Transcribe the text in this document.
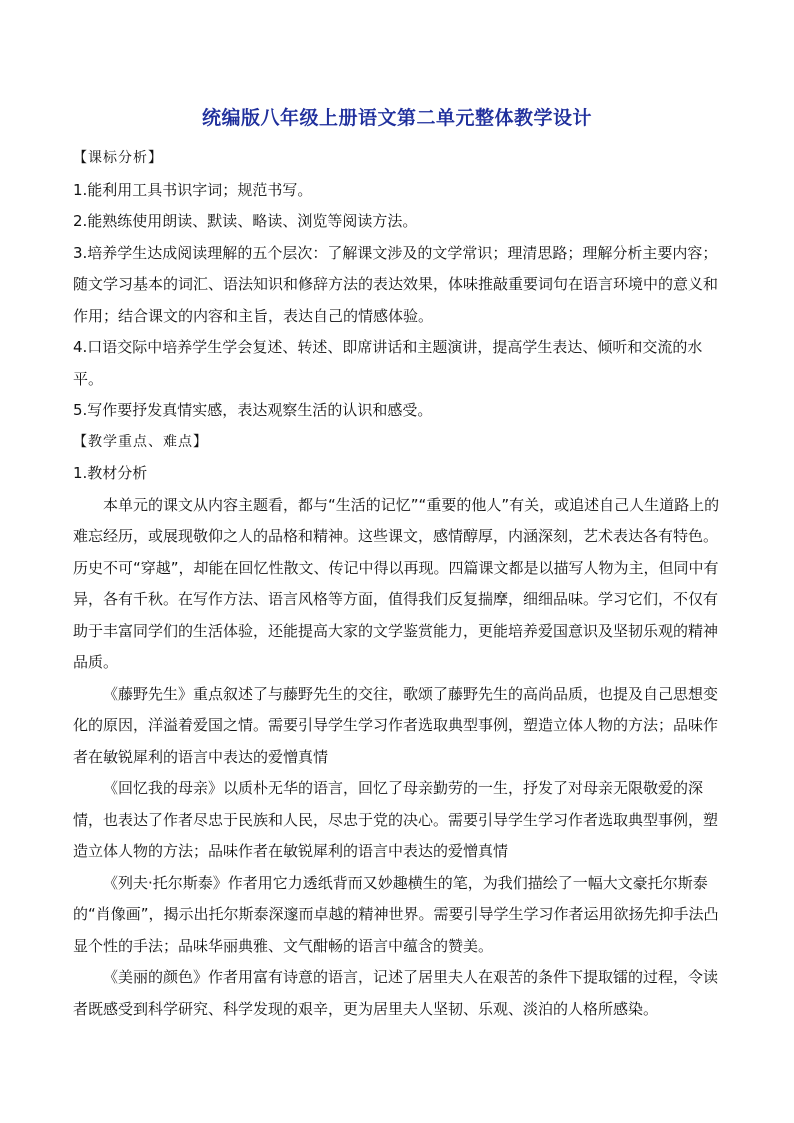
统编版八年级上册语文第二单元整体教学设计

【课标分析】

1.能利用工具书识字词；规范书写。

2.能熟练使用朗读、默读、略读、浏览等阅读方法。

3.培养学生达成阅读理解的五个层次：了解课文涉及的文学常识；理清思路；理解分析主要内容；随文学习基本的词汇、语法知识和修辞方法的表达效果，体味推敲重要词句在语言环境中的意义和作用；结合课文的内容和主旨，表达自己的情感体验。

4.口语交际中培养学生学会复述、转述、即席讲话和主题演讲，提高学生表达、倾听和交流的水平。

5.写作要抒发真情实感，表达观察生活的认识和感受。

【教学重点、难点】

1.教材分析

本单元的课文从内容主题看，都与“生活的记忆”“重要的他人”有关，或追述自己人生道路上的难忘经历，或展现敬仰之人的品格和精神。这些课文，感情醇厚，内涵深刻，艺术表达各有特色。历史不可“穿越”，却能在回忆性散文、传记中得以再现。四篇课文都是以描写人物为主，但同中有异，各有千秋。在写作方法、语言风格等方面，值得我们反复揣摩，细细品味。学习它们，不仅有助于丰富同学们的生活体验，还能提高大家的文学鉴赏能力，更能培养爱国意识及坚韧乐观的精神品质。

《藤野先生》重点叙述了与藤野先生的交往，歌颂了藤野先生的高尚品质，也提及自己思想变化的原因，洋溢着爱国之情。需要引导学生学习作者选取典型事例，塑造立体人物的方法；品味作者在敏锐犀利的语言中表达的爱憎真情

《回忆我的母亲》以质朴无华的语言，回忆了母亲勤劳的一生，抒发了对母亲无限敬爱的深情，也表达了作者尽忠于民族和人民，尽忠于党的决心。需要引导学生学习作者选取典型事例，塑造立体人物的方法；品味作者在敏锐犀利的语言中表达的爱憎真情

《列夫·托尔斯泰》作者用它力透纸背而又妙趣横生的笔，为我们描绘了一幅大文豪托尔斯泰的“肖像画”，揭示出托尔斯泰深邃而卓越的精神世界。需要引导学生学习作者运用欲扬先抑手法凸显个性的手法；品味华丽典雅、文气酣畅的语言中蕴含的赞美。

《美丽的颜色》作者用富有诗意的语言，记述了居里夫人在艰苦的条件下提取镭的过程，令读者既感受到科学研究、科学发现的艰辛，更为居里夫人坚韧、乐观、淡泊的人格所感染。
